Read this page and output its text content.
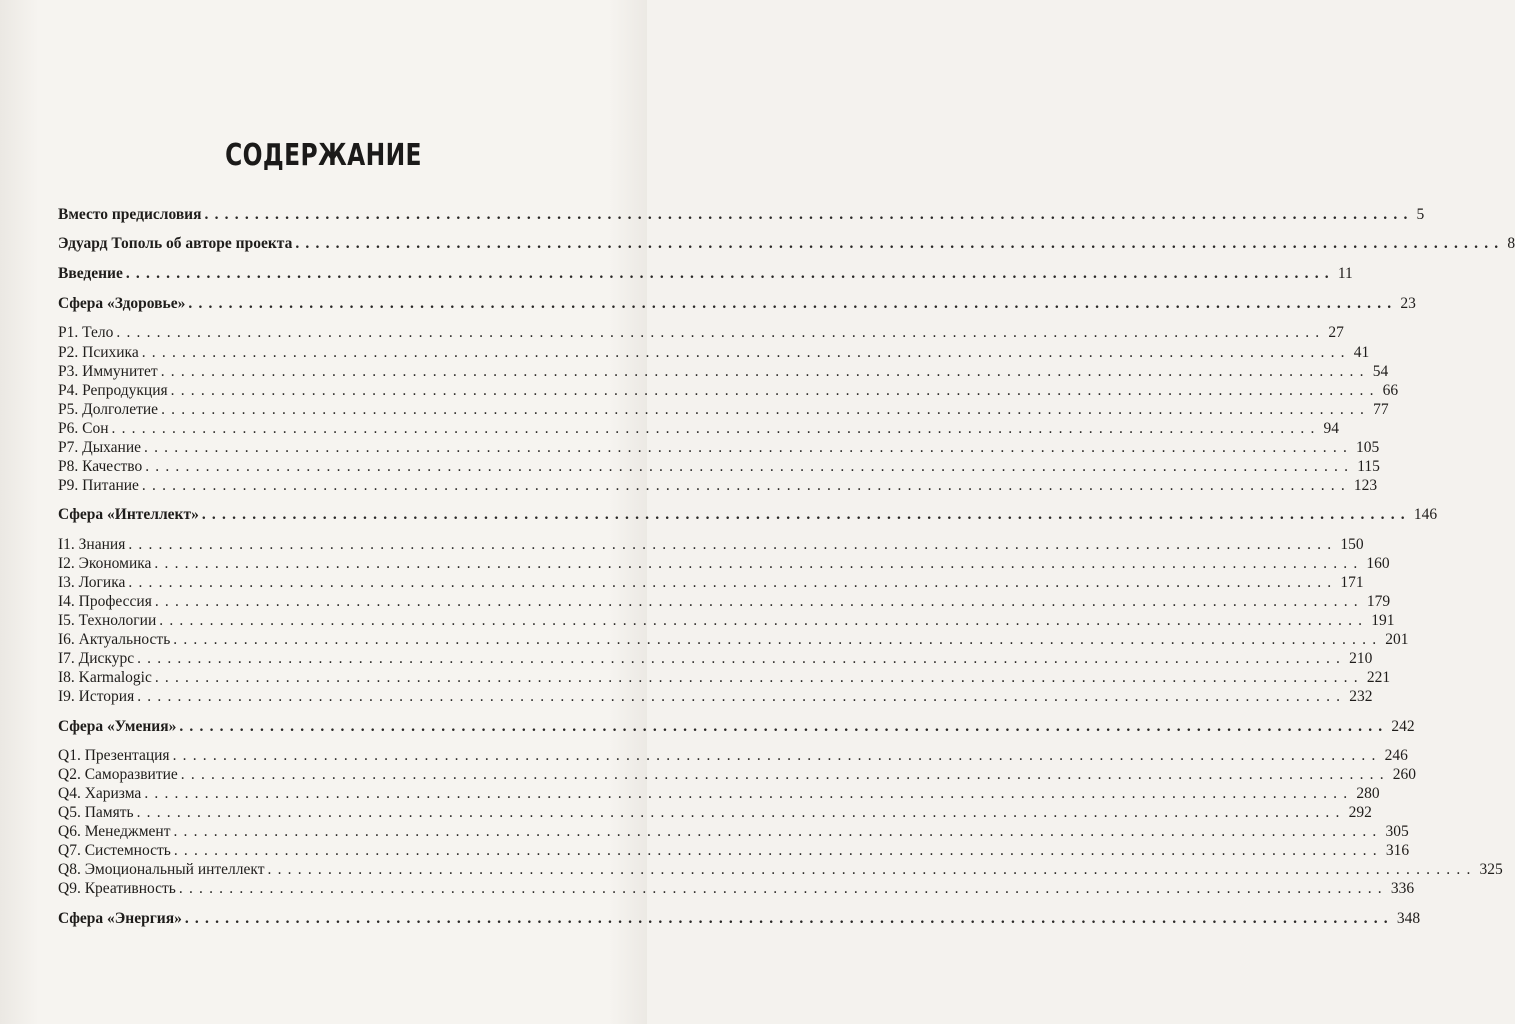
СОДЕРЖАНИЕ
Вместо предисловия ........................................................................................................................ 5
Эдуард Тополь об авторе проекта ........................................................................................................................ 8
Введение ........................................................................................................................ 11
Сфера «Здоровье» ........................................................................................................................ 23
P1. Тело ........................................................................................................................ 27
P2. Психика ........................................................................................................................ 41
P3. Иммунитет ........................................................................................................................ 54
P4. Репродукция ........................................................................................................................ 66
P5. Долголетие ........................................................................................................................ 77
P6. Сон ........................................................................................................................ 94
P7. Дыхание ........................................................................................................................ 105
P8. Качество ........................................................................................................................ 115
P9. Питание ........................................................................................................................ 123
Сфера «Интеллект» ........................................................................................................................ 146
I1. Знания ........................................................................................................................ 150
I2. Экономика ........................................................................................................................ 160
I3. Логика ........................................................................................................................ 171
I4. Профессия ........................................................................................................................ 179
I5. Технологии ........................................................................................................................ 191
I6. Актуальность ........................................................................................................................ 201
I7. Дискурс ........................................................................................................................ 210
I8. Karmalogic ........................................................................................................................ 221
I9. История ........................................................................................................................ 232
Сфера «Умения» ........................................................................................................................ 242
Q1. Презентация ........................................................................................................................ 246
Q2. Саморазвитие ........................................................................................................................ 260
Q4. Харизма ........................................................................................................................ 280
Q5. Память ........................................................................................................................ 292
Q6. Менеджмент ........................................................................................................................ 305
Q7. Системность ........................................................................................................................ 316
Q8. Эмоциональный интеллект ........................................................................................................................ 325
Q9. Креативность ........................................................................................................................ 336
Сфера «Энергия» ........................................................................................................................ 348
